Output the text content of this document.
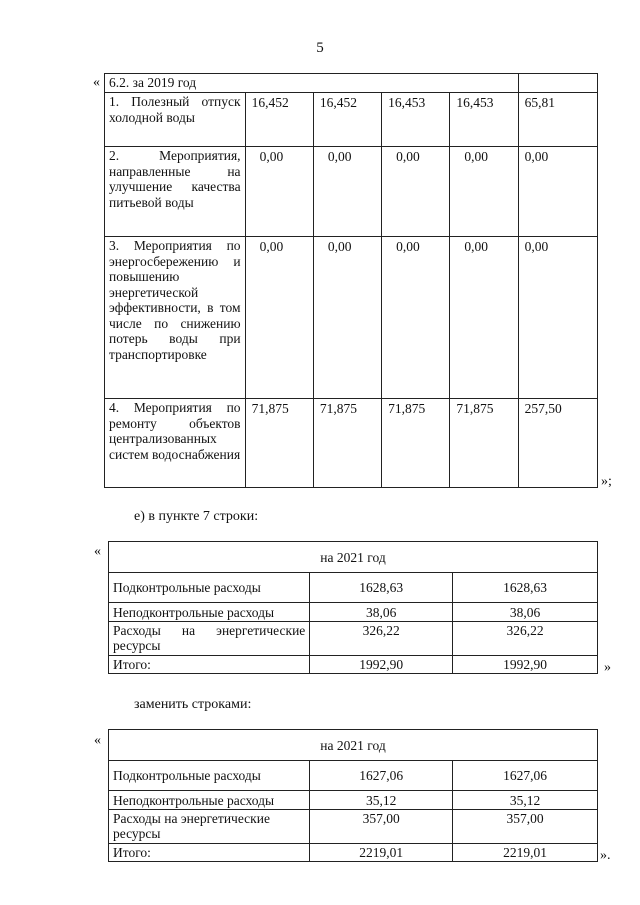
5
« 6.2. за 2019 год					
1. Полезный отпуск холодной воды	16,452	16,452	16,453	16,453	65,81
2. Мероприятия, направленные на улучшение качества питьевой воды	0,00	0,00	0,00	0,00	0,00
3. Мероприятия по энергосбережению и повышению энергетической эффективности, в том числе по снижению потерь воды при транспортировке	0,00	0,00	0,00	0,00	0,00
4. Мероприятия по ремонту объектов централизованных систем водоснабжения	71,875	71,875	71,875	71,875	257,50
»;
е) в пункте 7 строки:
«	на 2021 год		
Подконтрольные расходы	1628,63	1628,63
Неподконтрольные расходы	38,06	38,06
Расходы на энергетические ресурсы	326,22	326,22
Итого:	1992,90	1992,90	»
заменить строками:
«	на 2021 год		
Подконтрольные расходы	1627,06	1627,06
Неподконтрольные расходы	35,12	35,12
Расходы на энергетические ресурсы	357,00	357,00
Итого:	2219,01	2219,01	».
